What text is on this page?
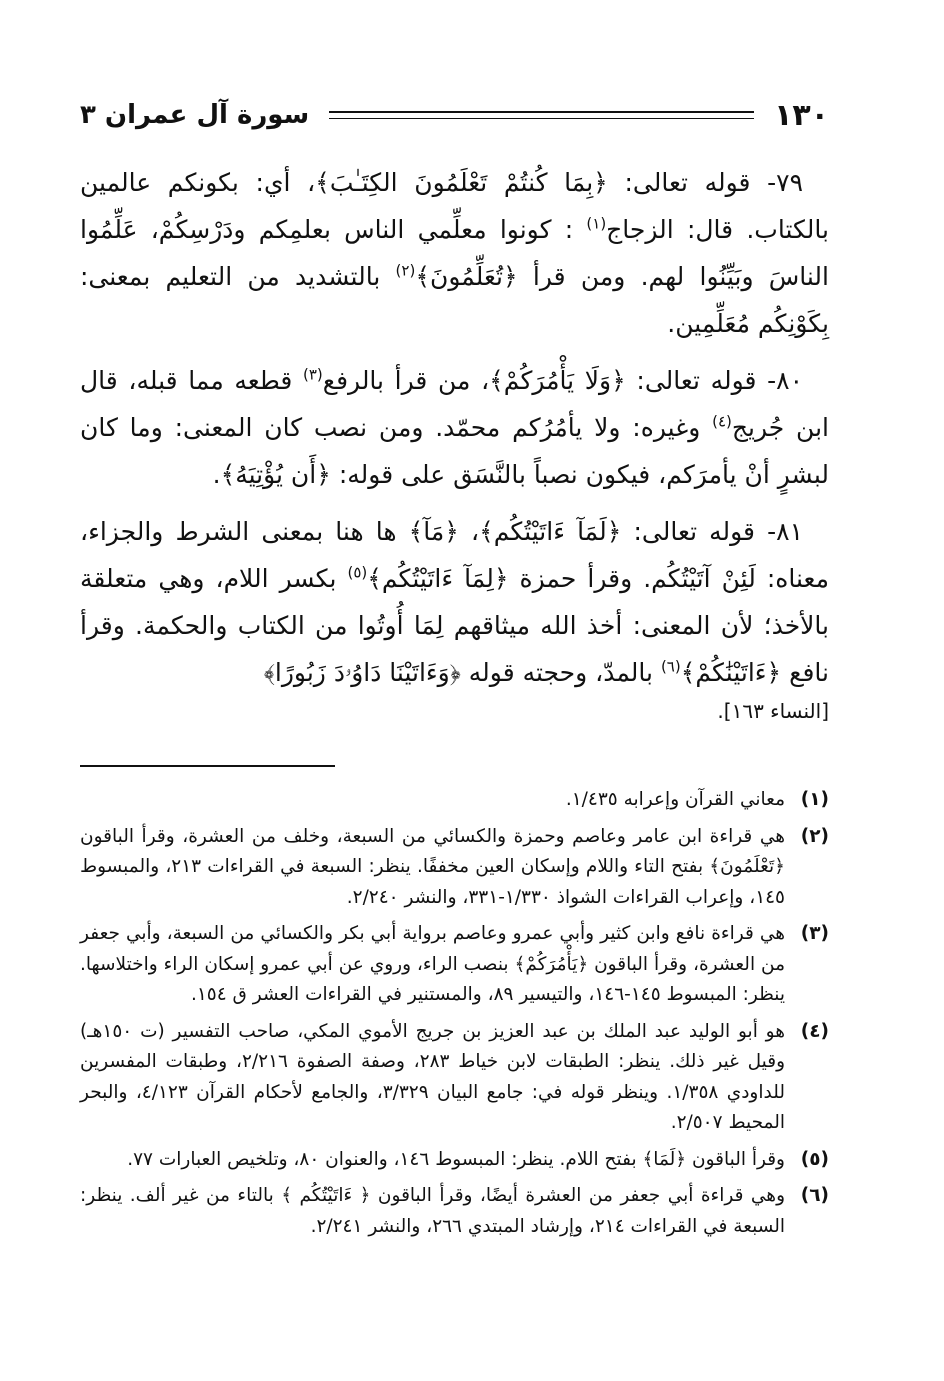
١٣٠
سورة آل عمران ٣

٧٩- قوله تعالى: ﴿بِمَا كُنتُمْ تَعْلَمُونَ الكِتَـٰبَ﴾، أي: بكونكم عالمين بالكتاب. قال: الزجاج$^{(١)}$ : كونوا معلِّمي الناس بعلمِكم ودَرْسِكُمْ، عَلِّمُوا الناسَ وبَيِّنُوا لهم. ومن قرأ ﴿تُعَلِّمُونَ﴾$^{(٢)}$ بالتشديد من التعليم بمعنى: بِكَوْنِكُم مُعَلِّمِين.

٨٠- قوله تعالى: ﴿وَلَا يَأْمُرَكُمْ﴾، من قرأ بالرفع$^{(٣)}$ قطعه مما قبله، قال ابن جُريج$^{(٤)}$ وغيره: ولا يأمُرُكم محمّد. ومن نصب كان المعنى: وما كان لبشرٍ أنْ يأمرَكم، فيكون نصباً بالنَّسَق على قوله: ﴿أَن يُؤْتِيَهُ﴾.

٨١- قوله تعالى: ﴿لَمَآ ءَاتَيْتُكُم﴾، ﴿مَآ﴾ ها هنا بمعنى الشرط والجزاء، معناه: لَئِنْ آتَيْتُكُم. وقرأ حمزة ﴿لِمَآ ءَاتَيْتُكُم﴾$^{(٥)}$ بكسر اللام، وهي متعلقة بالأخذ؛ لأن المعنى: أخذ الله ميثاقهم لِمَا أُوتُوا من الكتاب والحكمة. وقرأ نافع ﴿ءَاتَيْنَٰكُمْ﴾$^{(٦)}$ بالمدّ، وحجته قوله ﴿وَءَاتَيْنَا دَاوُۥدَ زَبُورًا﴾
[النساء ١٦٣].

(١)
معاني القرآن وإعرابه ١/٤٣٥.
(٢)
هي قراءة ابن عامر وعاصم وحمزة والكسائي من السبعة، وخلف من العشرة، وقرأ الباقون ﴿تَعْلَمُونَ﴾ بفتح التاء واللام وإسكان العين مخففًا. ينظر: السبعة في القراءات ٢١٣، والمبسوط ١٤٥، وإعراب القراءات الشواذ ١/٣٣٠-٣٣١، والنشر ٢/٢٤٠.
(٣)
هي قراءة نافع وابن كثير وأبي عمرو وعاصم برواية أبي بكر والكسائي من السبعة، وأبي جعفر من العشرة، وقرأ الباقون ﴿يَأْمُرَكُمْ﴾ بنصب الراء، وروي عن أبي عمرو إسكان الراء واختلاسها. ينظر: المبسوط ١٤٥-١٤٦، والتيسير ٨٩، والمستنير في القراءات العشر ق ١٥٤.
(٤)
هو أبو الوليد عبد الملك بن عبد العزيز بن جريج الأموي المكي، صاحب التفسير (ت ١٥٠هـ) وقيل غير ذلك. ينظر: الطبقات لابن خياط ٢٨٣، وصفة الصفوة ٢/٢١٦، وطبقات المفسرين للداودي ١/٣٥٨. وينظر قوله في: جامع البيان ٣/٣٢٩، والجامع لأحكام القرآن ٤/١٢٣، والبحر المحيط ٢/٥٠٧.
(٥)
وقرأ الباقون ﴿لَمَا﴾ بفتح اللام. ينظر: المبسوط ١٤٦، والعنوان ٨٠، وتلخيص العبارات ٧٧.
(٦)
وهي قراءة أبي جعفر من العشرة أيضًا، وقرأ الباقون ﴿ ءَاتَيْتُكُم ﴾ بالتاء من غير ألف. ينظر: السبعة في القراءات ٢١٤، وإرشاد المبتدي ٢٦٦، والنشر ٢/٢٤١.
